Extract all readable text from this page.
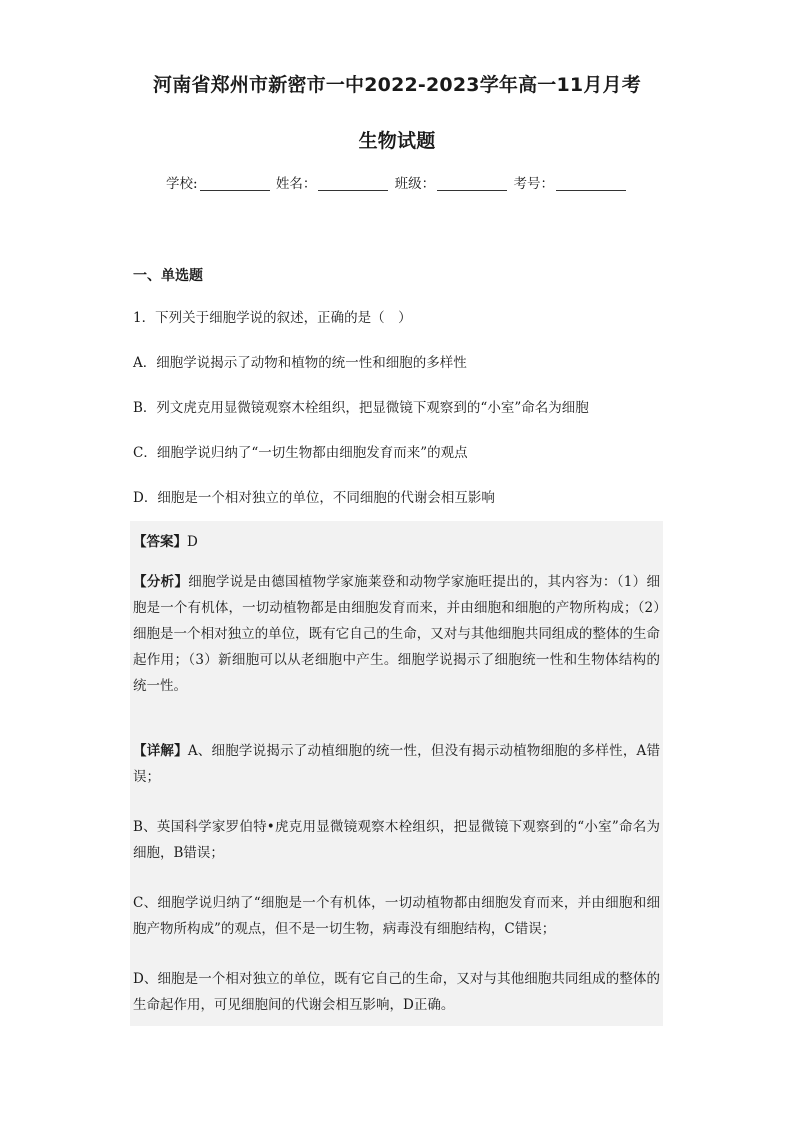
河南省郑州市新密市一中2022-2023学年高一11月月考
生物试题
学校:	姓名：	班级：	考号：
一、单选题
1．下列关于细胞学说的叙述，正确的是（　）
A．细胞学说揭示了动物和植物的统一性和细胞的多样性
B．列文虎克用显微镜观察木栓组织，把显微镜下观察到的“小室”命名为细胞
C．细胞学说归纳了“一切生物都由细胞发育而来”的观点
D．细胞是一个相对独立的单位，不同细胞的代谢会相互影响
【答案】D
【分析】细胞学说是由德国植物学家施莱登和动物学家施旺提出的，其内容为：（1）细胞是一个有机体，一切动植物都是由细胞发育而来，并由细胞和细胞的产物所构成；（2）细胞是一个相对独立的单位，既有它自己的生命，又对与其他细胞共同组成的整体的生命起作用；（3）新细胞可以从老细胞中产生。细胞学说揭示了细胞统一性和生物体结构的统一性。
【详解】A、细胞学说揭示了动植细胞的统一性，但没有揭示动植物细胞的多样性，A错误；
B、英国科学家罗伯特•虎克用显微镜观察木栓组织，把显微镜下观察到的“小室”命名为细胞，B错误；
C、细胞学说归纳了“细胞是一个有机体，一切动植物都由细胞发育而来，并由细胞和细胞产物所构成”的观点，但不是一切生物，病毒没有细胞结构，C错误；
D、细胞是一个相对独立的单位，既有它自己的生命，又对与其他细胞共同组成的整体的生命起作用，可见细胞间的代谢会相互影响，D正确。
